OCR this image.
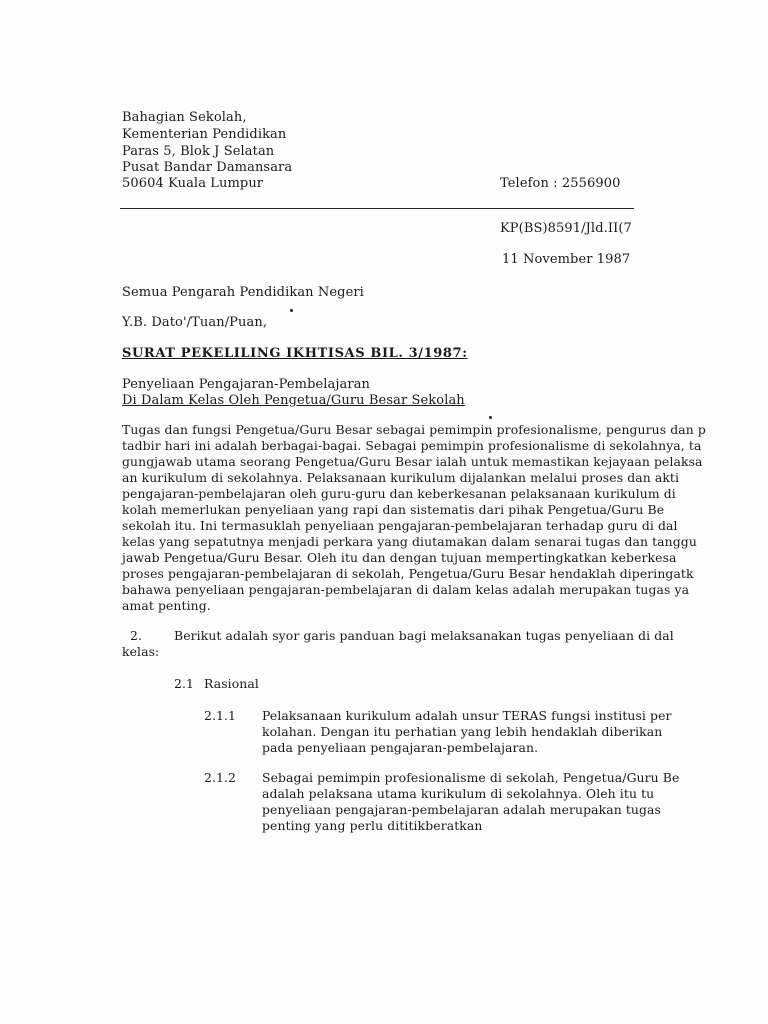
Bahagian Sekolah,
Kementerian Pendidikan
Paras 5, Blok J Selatan
Pusat Bandar Damansara
50604 Kuala Lumpur	Telefon : 2556900
KP(BS)8591/Jld.II(7
11 November 1987
Semua Pengarah Pendidikan Negeri
Y.B. Dato'/Tuan/Puan,
SURAT PEKELILING IKHTISAS BIL. 3/1987:
Penyeliaan Pengajaran-Pembelajaran
Di Dalam Kelas Oleh Pengetua/Guru Besar Sekolah
Tugas dan fungsi Pengetua/Guru Besar sebagai pemimpin profesionalisme, pengurus dan p
tadbir hari ini adalah berbagai-bagai. Sebagai pemimpin profesionalisme di sekolahnya, ta
gungjawab utama seorang Pengetua/Guru Besar ialah untuk memastikan kejayaan pelaksa
an kurikulum di sekolahnya. Pelaksanaan kurikulum dijalankan melalui proses dan akti
pengajaran-pembelajaran oleh guru-guru dan keberkesanan pelaksanaan kurikulum di
kolah memerlukan penyeliaan yang rapi dan sistematis dari pihak Pengetua/Guru Be
sekolah itu. Ini termasuklah penyeliaan pengajaran-pembelajaran terhadap guru di dal
kelas yang sepatutnya menjadi perkara yang diutamakan dalam senarai tugas dan tanggu
jawab Pengetua/Guru Besar. Oleh itu dan dengan tujuan mempertingkatkan keberkesa
proses pengajaran-pembelajaran di sekolah, Pengetua/Guru Besar hendaklah diperingatk
bahawa penyeliaan pengajaran-pembelajaran di dalam kelas adalah merupakan tugas ya
amat penting.
2.	Berikut adalah syor garis panduan bagi melaksanakan tugas penyeliaan di dal
kelas:
2.1 Rasional
2.1.1 Pelaksanaan kurikulum adalah unsur TERAS fungsi institusi per
kolahan. Dengan itu perhatian yang lebih hendaklah diberikan
pada penyeliaan pengajaran-pembelajaran.
2.1.2 Sebagai pemimpin profesionalisme di sekolah, Pengetua/Guru Be
adalah pelaksana utama kurikulum di sekolahnya. Oleh itu tu
penyeliaan pengajaran-pembelajaran adalah merupakan tugas
penting yang perlu dititikberatkan
